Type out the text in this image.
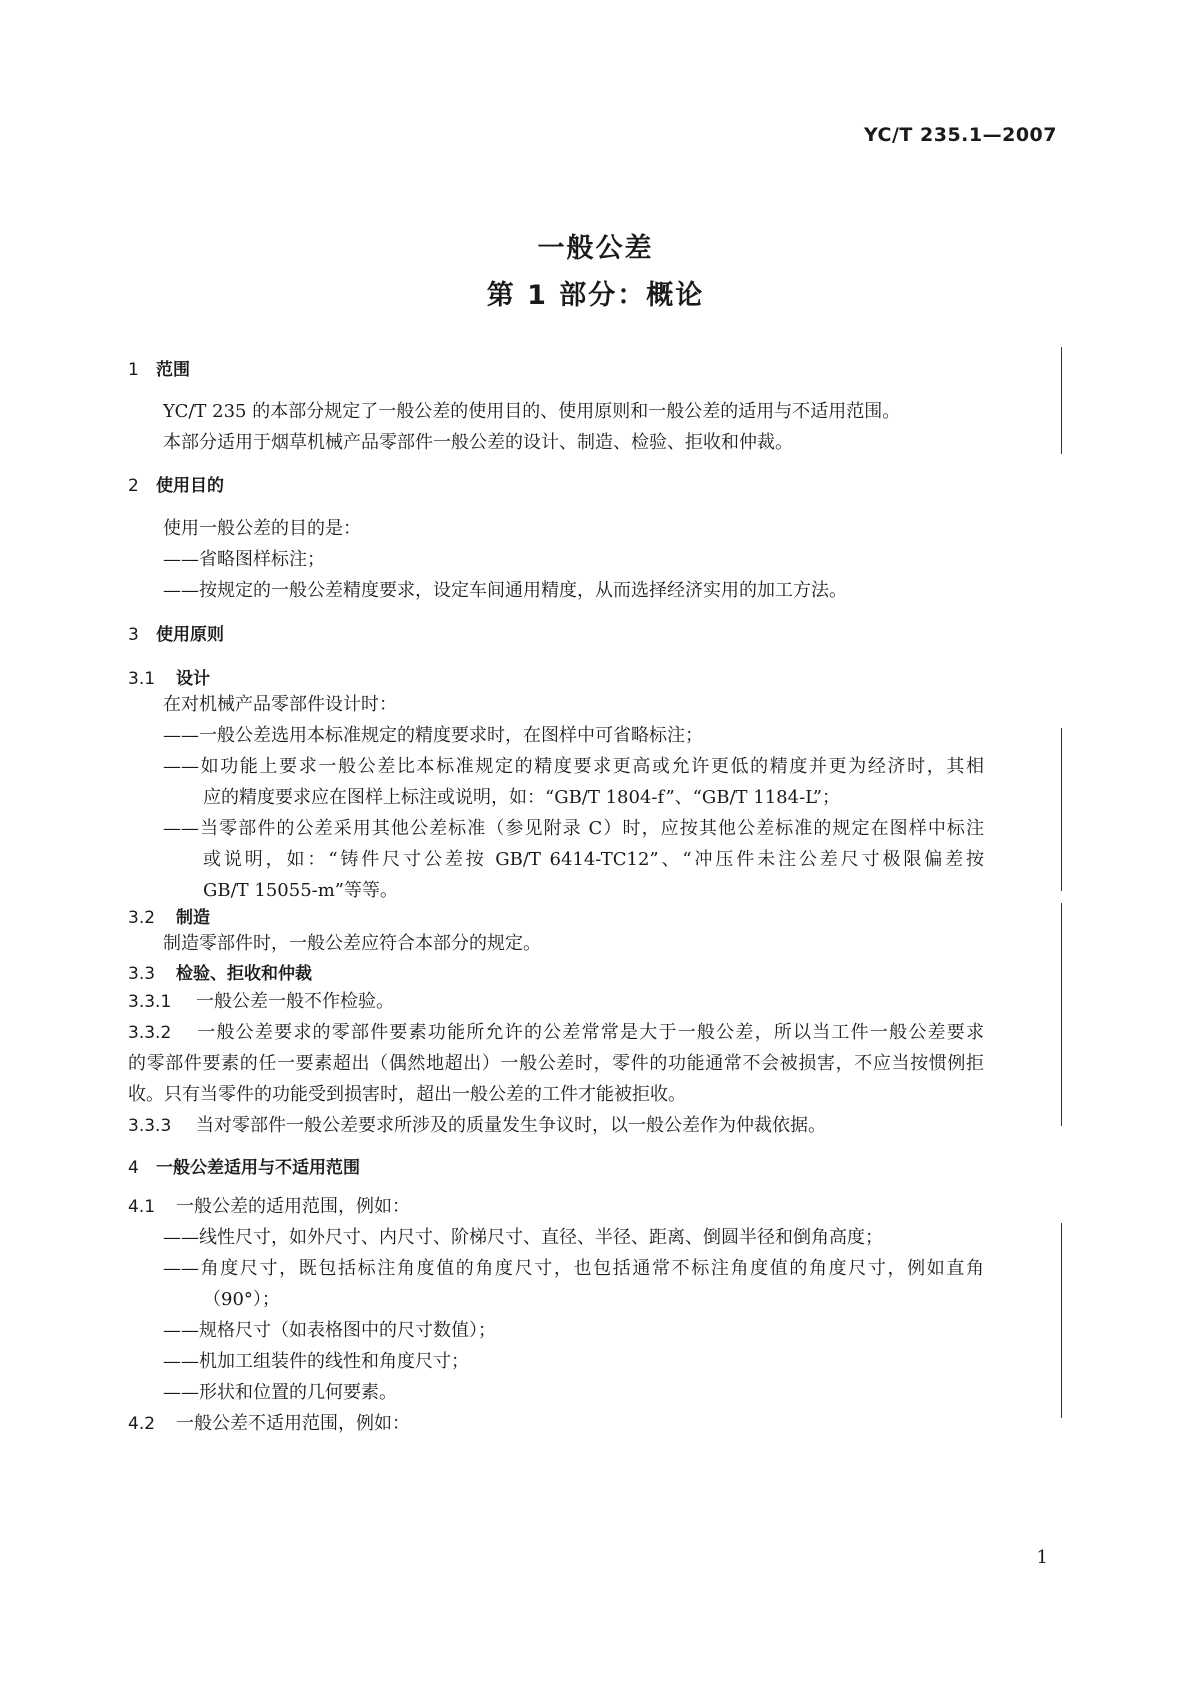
YC/T 235.1—2007
一般公差
第 1 部分：概论
1 范围
YC/T 235 的本部分规定了一般公差的使用目的、使用原则和一般公差的适用与不适用范围。
本部分适用于烟草机械产品零部件一般公差的设计、制造、检验、拒收和仲裁。
2 使用目的
使用一般公差的目的是：
——省略图样标注；
——按规定的一般公差精度要求，设定车间通用精度，从而选择经济实用的加工方法。
3 使用原则
3.1 设计
在对机械产品零部件设计时：
——一般公差选用本标准规定的精度要求时，在图样中可省略标注；
——如功能上要求一般公差比本标准规定的精度要求更高或允许更低的精度并更为经济时，其相
应的精度要求应在图样上标注或说明，如：“GB/T 1804-f”、“GB/T 1184-L”；
——当零部件的公差采用其他公差标准（参见附录 C）时，应按其他公差标准的规定在图样中标注
或说明，如：“铸件尺寸公差按 GB/T 6414-TC12”、“冲压件未注公差尺寸极限偏差按
GB/T 15055-m”等等。
3.2 制造
制造零部件时，一般公差应符合本部分的规定。
3.3 检验、拒收和仲裁
3.3.1 一般公差一般不作检验。
3.3.2 一般公差要求的零部件要素功能所允许的公差常常是大于一般公差，所以当工件一般公差要求
的零部件要素的任一要素超出（偶然地超出）一般公差时，零件的功能通常不会被损害，不应当按惯例拒
收。只有当零件的功能受到损害时，超出一般公差的工件才能被拒收。
3.3.3 当对零部件一般公差要求所涉及的质量发生争议时，以一般公差作为仲裁依据。
4 一般公差适用与不适用范围
4.1 一般公差的适用范围，例如：
——线性尺寸，如外尺寸、内尺寸、阶梯尺寸、直径、半径、距离、倒圆半径和倒角高度；
——角度尺寸，既包括标注角度值的角度尺寸，也包括通常不标注角度值的角度尺寸，例如直角
（90°）；
——规格尺寸（如表格图中的尺寸数值）；
——机加工组装件的线性和角度尺寸；
——形状和位置的几何要素。
4.2 一般公差不适用范围，例如：
1
